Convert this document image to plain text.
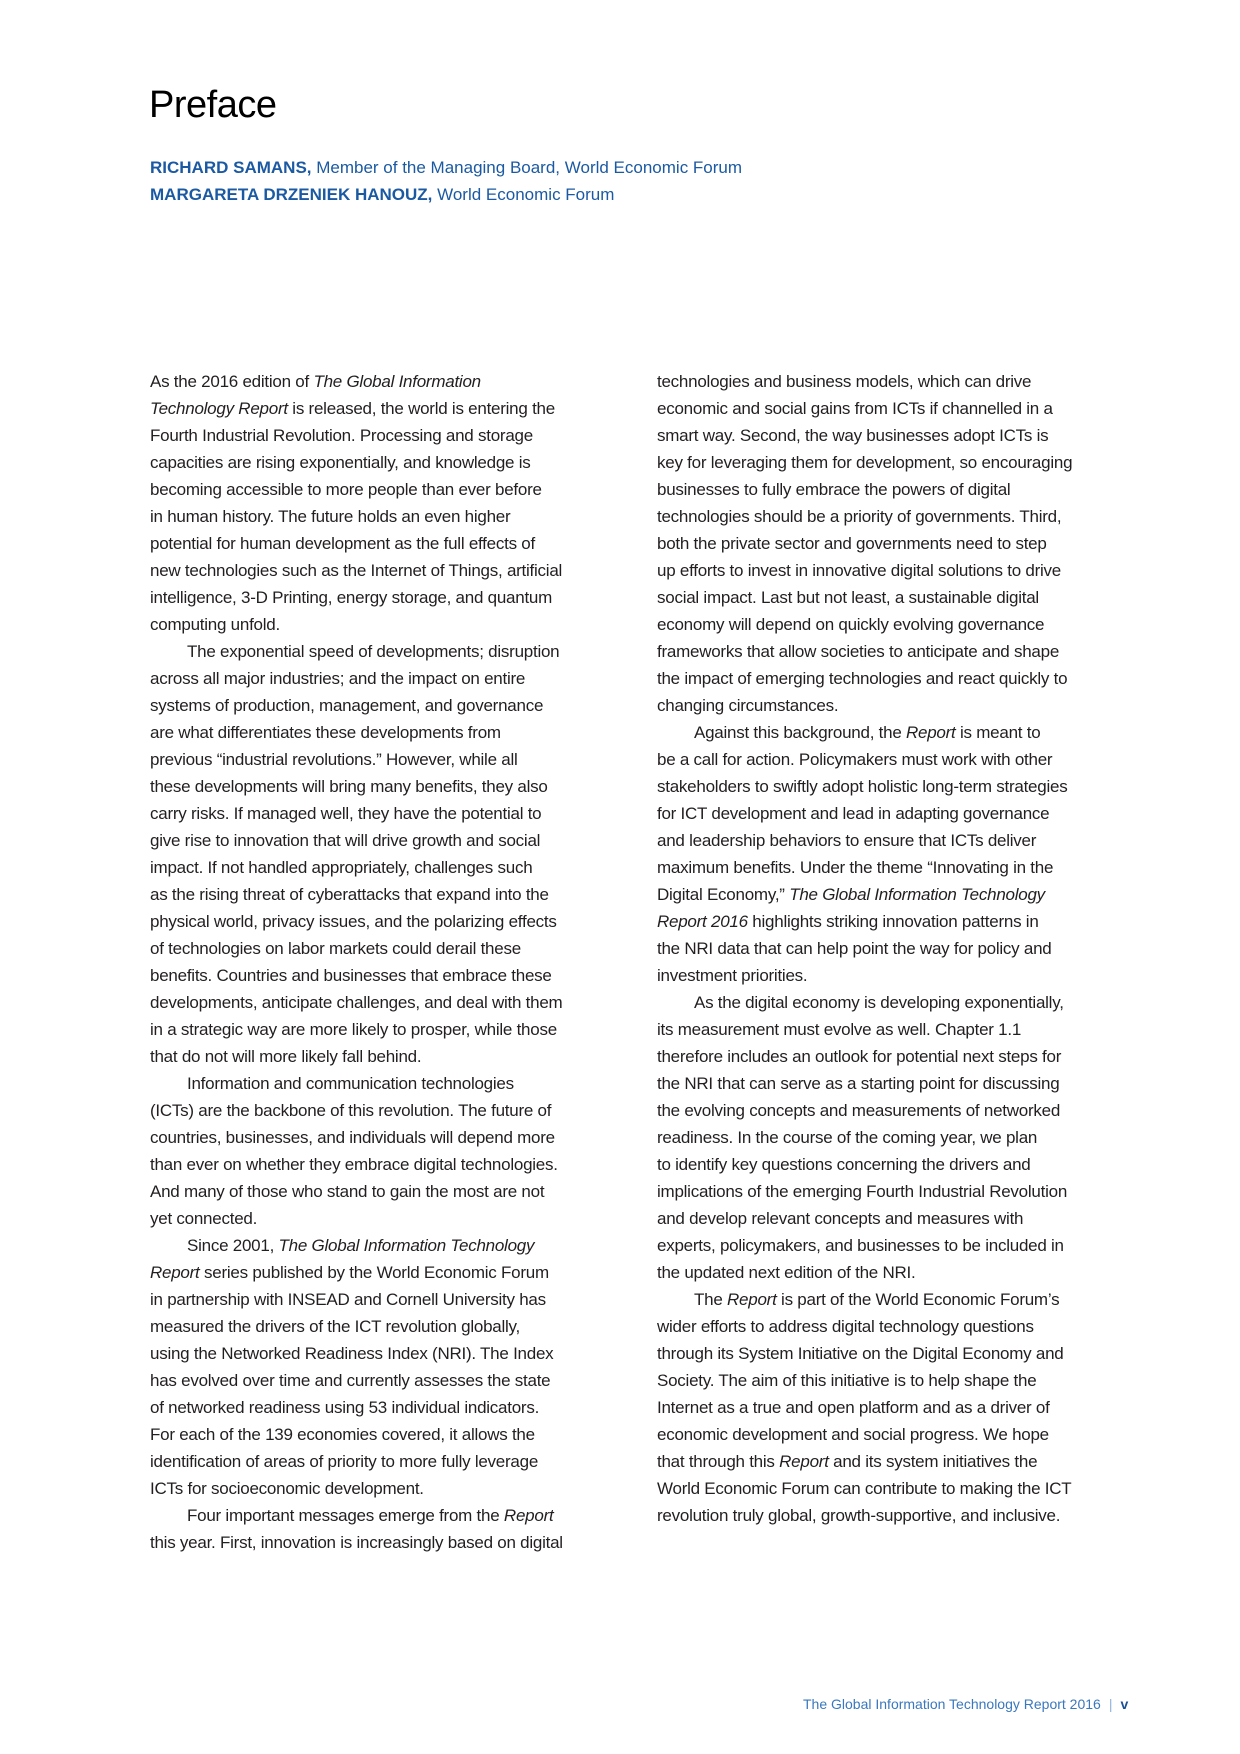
Preface
RICHARD SAMANS, Member of the Managing Board, World Economic Forum
MARGARETA DRZENIEK HANOUZ, World Economic Forum
As the 2016 edition of The Global Information
Technology Report is released, the world is entering the
Fourth Industrial Revolution. Processing and storage
capacities are rising exponentially, and knowledge is
becoming accessible to more people than ever before
in human history. The future holds an even higher
potential for human development as the full effects of
new technologies such as the Internet of Things, artificial
intelligence, 3-D Printing, energy storage, and quantum
computing unfold.
The exponential speed of developments; disruption
across all major industries; and the impact on entire
systems of production, management, and governance
are what differentiates these developments from
previous “industrial revolutions.” However, while all
these developments will bring many benefits, they also
carry risks. If managed well, they have the potential to
give rise to innovation that will drive growth and social
impact. If not handled appropriately, challenges such
as the rising threat of cyberattacks that expand into the
physical world, privacy issues, and the polarizing effects
of technologies on labor markets could derail these
benefits. Countries and businesses that embrace these
developments, anticipate challenges, and deal with them
in a strategic way are more likely to prosper, while those
that do not will more likely fall behind.
Information and communication technologies
(ICTs) are the backbone of this revolution. The future of
countries, businesses, and individuals will depend more
than ever on whether they embrace digital technologies.
And many of those who stand to gain the most are not
yet connected.
Since 2001, The Global Information Technology
Report series published by the World Economic Forum
in partnership with INSEAD and Cornell University has
measured the drivers of the ICT revolution globally,
using the Networked Readiness Index (NRI). The Index
has evolved over time and currently assesses the state
of networked readiness using 53 individual indicators.
For each of the 139 economies covered, it allows the
identification of areas of priority to more fully leverage
ICTs for socioeconomic development.
Four important messages emerge from the Report
this year. First, innovation is increasingly based on digital
technologies and business models, which can drive
economic and social gains from ICTs if channelled in a
smart way. Second, the way businesses adopt ICTs is
key for leveraging them for development, so encouraging
businesses to fully embrace the powers of digital
technologies should be a priority of governments. Third,
both the private sector and governments need to step
up efforts to invest in innovative digital solutions to drive
social impact. Last but not least, a sustainable digital
economy will depend on quickly evolving governance
frameworks that allow societies to anticipate and shape
the impact of emerging technologies and react quickly to
changing circumstances.
Against this background, the Report is meant to
be a call for action. Policymakers must work with other
stakeholders to swiftly adopt holistic long-term strategies
for ICT development and lead in adapting governance
and leadership behaviors to ensure that ICTs deliver
maximum benefits. Under the theme “Innovating in the
Digital Economy,” The Global Information Technology
Report 2016 highlights striking innovation patterns in
the NRI data that can help point the way for policy and
investment priorities.
As the digital economy is developing exponentially,
its measurement must evolve as well. Chapter 1.1
therefore includes an outlook for potential next steps for
the NRI that can serve as a starting point for discussing
the evolving concepts and measurements of networked
readiness. In the course of the coming year, we plan
to identify key questions concerning the drivers and
implications of the emerging Fourth Industrial Revolution
and develop relevant concepts and measures with
experts, policymakers, and businesses to be included in
the updated next edition of the NRI.
The Report is part of the World Economic Forum’s
wider efforts to address digital technology questions
through its System Initiative on the Digital Economy and
Society. The aim of this initiative is to help shape the
Internet as a true and open platform and as a driver of
economic development and social progress. We hope
that through this Report and its system initiatives the
World Economic Forum can contribute to making the ICT
revolution truly global, growth-supportive, and inclusive.
The Global Information Technology Report 2016 | v
